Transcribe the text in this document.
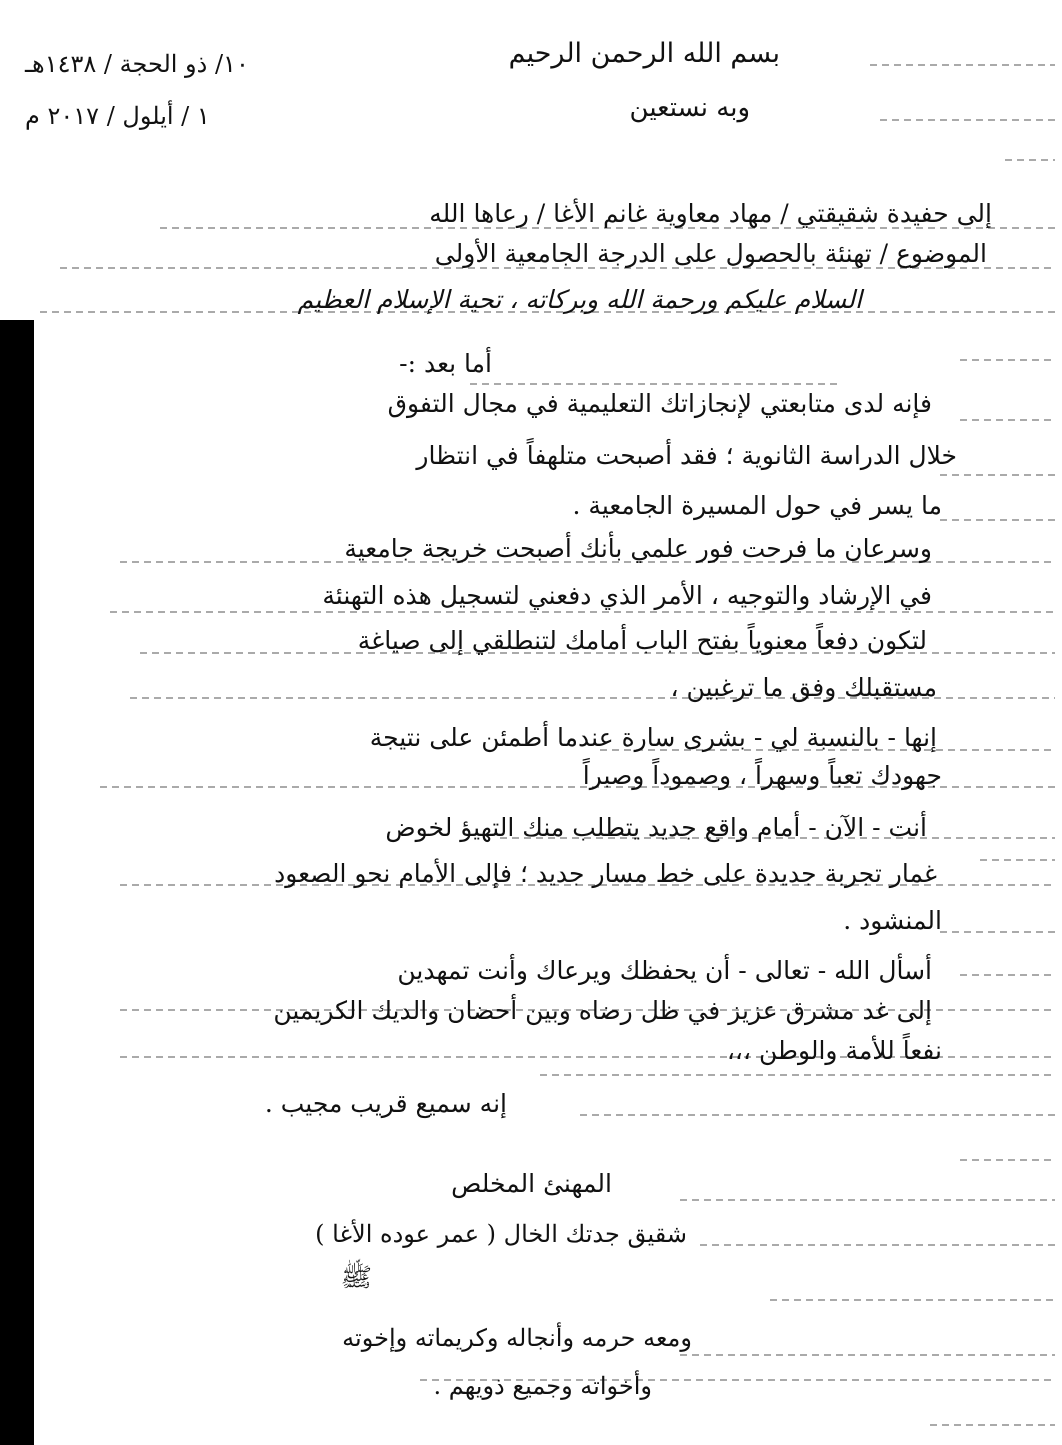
بسم الله الرحمن الرحيم
وبه نستعين
١٠/ ذو الحجة / ١٤٣٨هـ
١ / أيلول / ٢٠١٧ م
إلى حفيدة شقيقتي / مهاد معاوية غانم الأغا / رعاها الله
الموضوع / تهنئة بالحصول على الدرجة الجامعية الأولى
السلام عليكم ورحمة الله وبركاته ، تحية الإسلام العظيم
أما بعد :-
فإنه لدى متابعتي لإنجازاتك التعليمية في مجال التفوق
خلال الدراسة الثانوية ؛ فقد أصبحت متلهفاً في انتظار
ما يسر في حول المسيرة الجامعية .
وسرعان ما فرحت فور علمي بأنك أصبحت خريجة جامعية
في الإرشاد والتوجيه ، الأمر الذي دفعني لتسجيل هذه التهنئة
لتكون دفعاً معنوياً بفتح الباب أمامك لتنطلقي إلى صياغة
مستقبلك وفق ما ترغبين ،
إنها - بالنسبة لي - بشرى سارة عندما أطمئن على نتيجة
جهودك تعباً وسهراً ، وصموداً وصبراً
أنت - الآن - أمام واقع جديد يتطلب منك التهيؤ لخوض
غمار تجربة جديدة على خط مسار جديد ؛ فإلى الأمام نحو الصعود
المنشود .
أسأل الله - تعالى - أن يحفظك ويرعاك وأنت تمهدين
إلى غد مشرق عزيز في ظل رضاه وبين أحضان والديك الكريمين
نفعاً للأمة والوطن ،،،
إنه سميع قريب مجيب .
المهنئ المخلص
شقيق جدتك الخال ( عمر عوده الأغا )
ﷺ
ومعه حرمه وأنجاله وكريماته وإخوته
وأخواته وجميع ذويهم .
